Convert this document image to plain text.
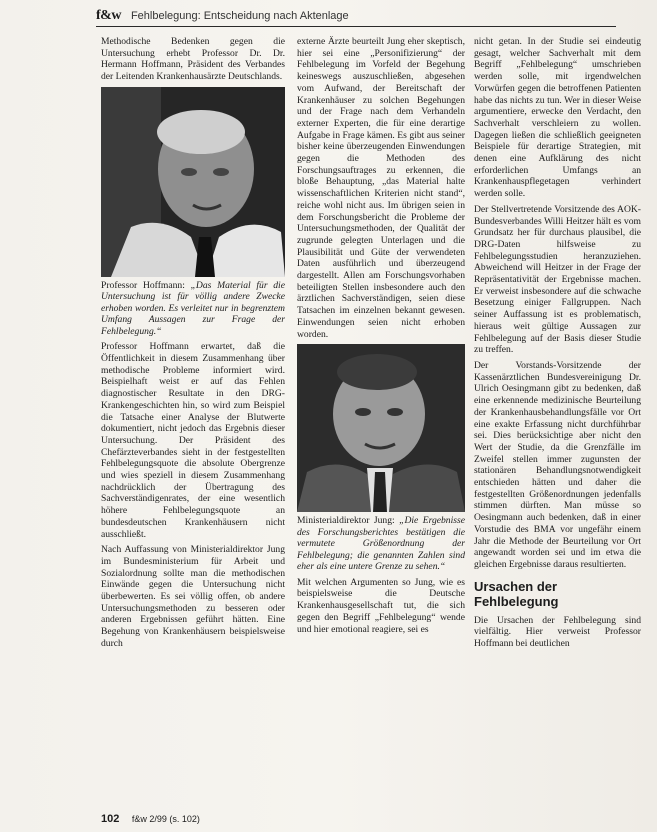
f&w Fehlbelegung: Entscheidung nach Aktenlage

Methodische Bedenken gegen die Untersuchung erhebt Professor Dr. Dr. Hermann Hoffmann, Präsident des Verbandes der Leitenden Krankenhausärzte Deutschlands.

Professor Hoffmann: „Das Material für die Untersuchung ist für völlig andere Zwecke erhoben worden. Es verleitet nur in begrenztem Umfang Aussagen zur Frage der Fehlbelegung.“

Professor Hoffmann erwartet, daß die Öffentlichkeit in diesem Zusammenhang über methodische Probleme informiert wird. Beispielhaft weist er auf das Fehlen diagnostischer Resultate in den DRG-Krankengeschichten hin, so wird zum Beispiel die Tatsache einer Analyse der Blutwerte dokumentiert, nicht jedoch das Ergebnis dieser Untersuchung. Der Präsident des Chefärzteverbandes sieht in der festgestellten Fehlbelegungsquote die absolute Obergrenze und wies speziell in diesem Zusammenhang nachdrücklich der Übertragung des Sachverständigenrates, der eine wesentlich höhere Fehlbelegungsquote an bundesdeutschen Krankenhäusern nicht ausschließt.

Nach Auffassung von Ministerialdirektor Jung im Bundesministerium für Arbeit und Sozialordnung sollte man die methodischen Einwände gegen die Untersuchung nicht überbewerten. Es sei völlig offen, ob andere Untersuchungsmethoden zu besseren oder anderen Ergebnissen geführt hätten. Eine Begehung von Krankenhäusern beispielsweise durch

externe Ärzte beurteilt Jung eher skeptisch, hier sei eine „Personifizierung“ der Fehlbelegung im Vorfeld der Begehung keineswegs auszuschließen, abgesehen vom Aufwand, der Bereitschaft der Krankenhäuser zu solchen Begehungen und der Frage nach dem Verhandeln externer Experten, die für eine derartige Aufgabe in Frage kämen. Es gibt aus seiner bisher keine überzeugenden Einwendungen gegen die Methoden des Forschungsauftrages zu erkennen, die bloße Behauptung, „das Material halte wissenschaftlichen Kriterien nicht stand“, reiche wohl nicht aus. Im übrigen seien in dem Forschungsbericht die Probleme der Untersuchungsmethoden, der Qualität der zugrunde gelegten Unterlagen und die Plausibilität und Güte der verwendeten Daten ausführlich und überzeugend dargestellt. Allen am Forschungsvorhaben beteiligten Stellen insbesondere auch den ärztlichen Sachverständigen, seien diese Tatsachen im einzelnen bekannt gewesen. Einwendungen seien nicht erhoben worden.

Ministerialdirektor Jung: „Die Ergebnisse des Forschungsberichtes bestätigen die vermutete Größenordnung der Fehlbelegung; die genannten Zahlen sind eher als eine untere Grenze zu sehen.“

Mit welchen Argumenten so Jung, wie es beispielsweise die Deutsche Krankenhausgesellschaft tut, die sich gegen den Begriff „Fehlbelegung“ wende und hier emotional reagiere, sei es

nicht getan. In der Studie sei eindeutig gesagt, welcher Sachverhalt mit dem Begriff „Fehlbelegung“ umschrieben werden solle, mit irgendwelchen Vorwürfen gegen die betroffenen Patienten habe das nichts zu tun. Wer in dieser Weise argumentiere, erwecke den Verdacht, den Sachverhalt verschleiern zu wollen. Dagegen ließen die schließlich geeigneten Beispiele für derartige Strategien, mit denen eine Aufklärung des nicht erforderlichen Umfangs an Krankenhauspflegetagen verhindert werden solle.

Der Stellvertretende Vorsitzende des AOK-Bundesverbandes Willi Heitzer hält es vom Grundsatz her für durchaus plausibel, die DRG-Daten hilfsweise zu Fehlbelegungsstudien heranzuziehen. Abweichend will Heitzer in der Frage der Repräsentativität der Ergebnisse machen. Er verweist insbesondere auf die schwache Besetzung einiger Fallgruppen. Nach seiner Auffassung ist es problematisch, hieraus weit gültige Aussagen zur Fehlbelegung auf der Basis dieser Studie zu treffen.

Der Vorstands-Vorsitzende der Kassenärztlichen Bundesvereinigung Dr. Ulrich Oesingmann gibt zu bedenken, daß eine erkennende medizinische Beurteilung der Krankenhausbehandlungsfälle vor Ort eine exakte Erfassung nicht durchführbar sei. Dies berücksichtige aber nicht den Wert der Studie, da die Grenzfälle im Zweifel stellen immer zugunsten der stationären Behandlungsnotwendigkeit entschieden hätten und daher die festgestellten Größenordnungen jedenfalls stimmen dürften. Man müsse so Oesingmann auch bedenken, daß in einer Vorstudie des BMA vor ungefähr einem Jahr die Methode der Beurteilung vor Ort angewandt worden sei und im etwa die gleichen Ergebnisse daraus resultierten.

Ursachen der Fehlbelegung

Die Ursachen der Fehlbelegung sind vielfältig. Hier verweist Professor Hoffmann bei deutlichen

102 f&w 2/99 (s. 102)
